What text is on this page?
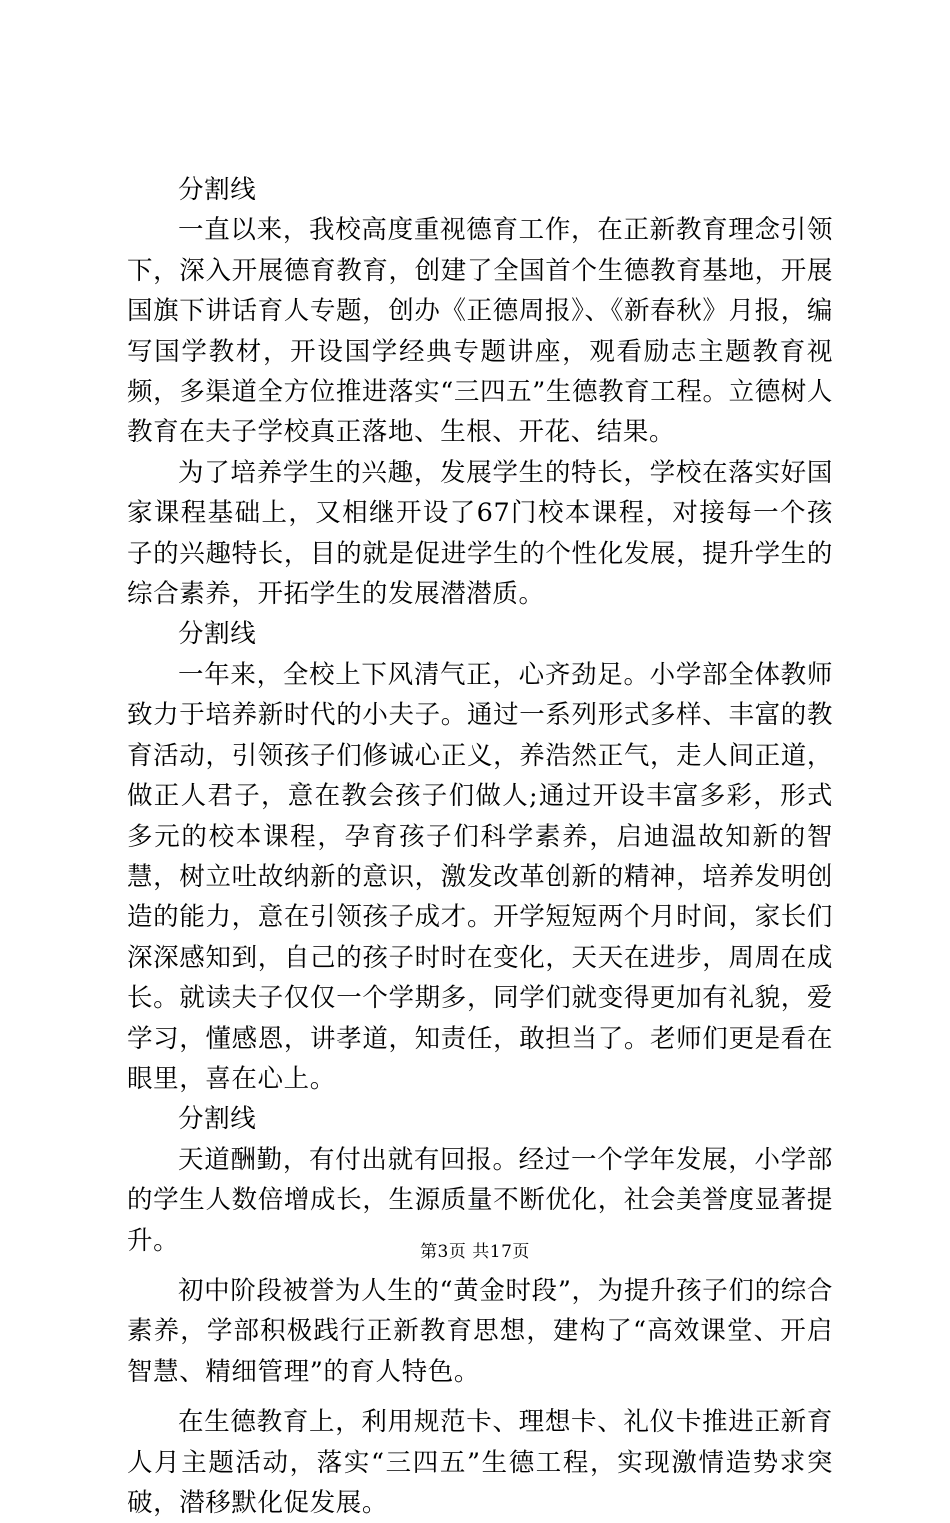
分割线

一直以来，我校高度重视德育工作，在正新教育理念引领下，深入开展德育教育，创建了全国首个生德教育基地，开展国旗下讲话育人专题，创办《正德周报》、《新春秋》月报，编写国学教材，开设国学经典专题讲座，观看励志主题教育视频，多渠道全方位推进落实“三四五”生德教育工程。立德树人教育在夫子学校真正落地、生根、开花、结果。

为了培养学生的兴趣，发展学生的特长，学校在落实好国家课程基础上，又相继开设了67门校本课程，对接每一个孩子的兴趣特长，目的就是促进学生的个性化发展，提升学生的综合素养，开拓学生的发展潜潜质。

分割线

一年来，全校上下风清气正，心齐劲足。小学部全体教师致力于培养新时代的小夫子。通过一系列形式多样、丰富的教育活动，引领孩子们修诚心正义，养浩然正气，走人间正道，做正人君子，意在教会孩子们做人;通过开设丰富多彩，形式多元的校本课程，孕育孩子们科学素养，启迪温故知新的智慧，树立吐故纳新的意识，激发改革创新的精神，培养发明创造的能力，意在引领孩子成才。开学短短两个月时间，家长们深深感知到，自己的孩子时时在变化，天天在进步，周周在成长。就读夫子仅仅一个学期多，同学们就变得更加有礼貌，爱学习，懂感恩，讲孝道，知责任，敢担当了。老师们更是看在眼里，喜在心上。

分割线

天道酬勤，有付出就有回报。经过一个学年发展，小学部的学生人数倍增成长，生源质量不断优化，社会美誉度显著提升。

初中阶段被誉为人生的“黄金时段”，为提升孩子们的综合素养，学部积极践行正新教育思想，建构了“高效课堂、开启智慧、精细管理”的育人特色。

在生德教育上，利用规范卡、理想卡、礼仪卡推进正新育人月主题活动，落实“三四五”生德工程，实现激情造势求突破，潜移默化促发展。

第3页 共17页
